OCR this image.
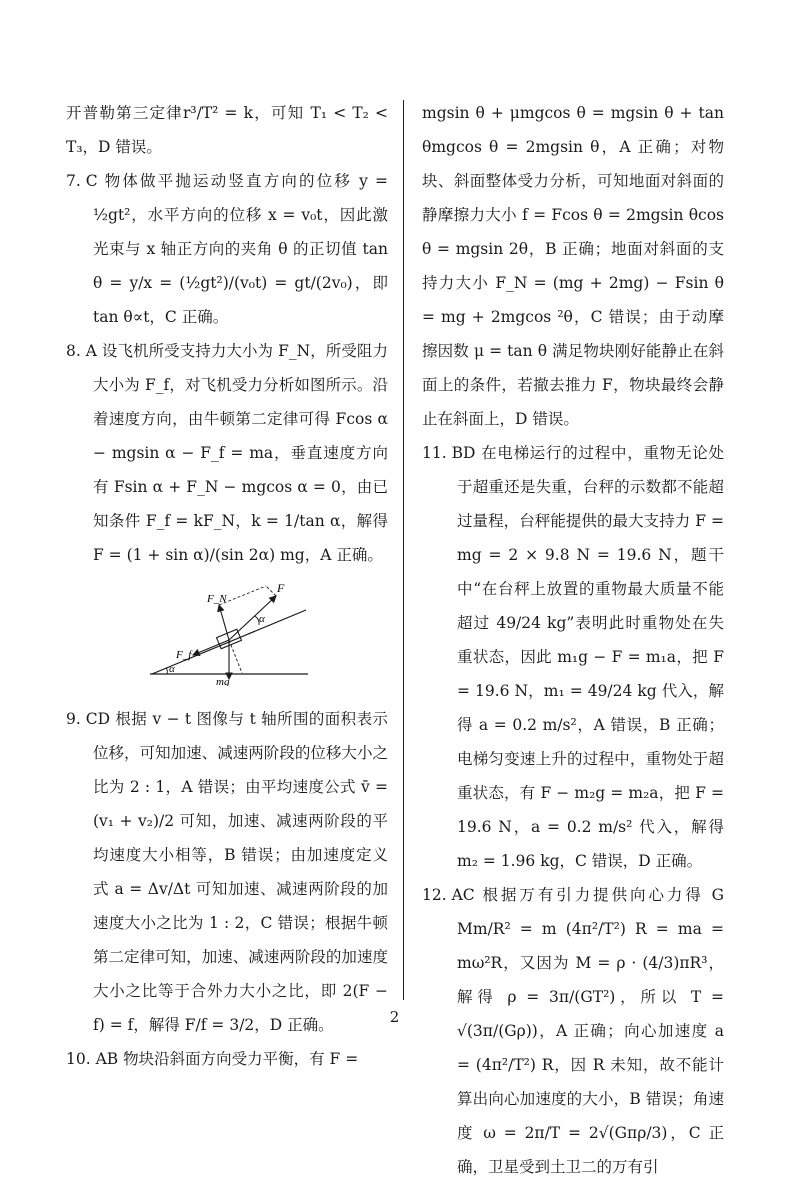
开普勒第三定律r³/T² = k，可知 T₁ < T₂ < T₃，D 错误。

7. C 物体做平抛运动竖直方向的位移 y = ½gt²，水平方向的位移 x = v₀t，因此激光束与 x 轴正方向的夹角 θ 的正切值 tan θ = y/x = (½gt²)/(v₀t) = gt/(2v₀)，即 tan θ∝t，C 正确。

8. A 设飞机所受支持力大小为 F_N，所受阻力大小为 F_f，对飞机受力分析如图所示。沿着速度方向，由牛顿第二定律可得 Fcos α − mgsin α − F_f = ma，垂直速度方向有 Fsin α + F_N − mgcos α = 0，由已知条件 F_f = kF_N，k = 1/tan α，解得 F = (1 + sin α)/(sin 2α) mg，A 正确。

F
F_N
F_f
α
α
mg

9. CD 根据 v − t 图像与 t 轴所围的面积表示位移，可知加速、减速两阶段的位移大小之比为 2 : 1，A 错误；由平均速度公式 v̄ = (v₁ + v₂)/2 可知，加速、减速两阶段的平均速度大小相等，B 错误；由加速度定义式 a = Δv/Δt 可知加速、减速两阶段的加速度大小之比为 1 : 2，C 错误；根据牛顿第二定律可知，加速、减速两阶段的加速度大小之比等于合外力大小之比，即 2(F − f) = f，解得 F/f = 3/2，D 正确。

10. AB 物块沿斜面方向受力平衡，有 F =

mgsin θ + μmgcos θ = mgsin θ + tan θmgcos θ = 2mgsin θ，A 正确；对物块、斜面整体受力分析，可知地面对斜面的静摩擦力大小 f = Fcos θ = 2mgsin θcos θ = mgsin 2θ，B 正确；地面对斜面的支持力大小 F_N = (mg + 2mg) − Fsin θ = mg + 2mgcos ²θ，C 错误；由于动摩擦因数 μ = tan θ 满足物块刚好能静止在斜面上的条件，若撤去推力 F，物块最终会静止在斜面上，D 错误。

11. BD 在电梯运行的过程中，重物无论处于超重还是失重，台秤的示数都不能超过量程，台秤能提供的最大支持力 F = mg = 2 × 9.8 N = 19.6 N，题干中“在台秤上放置的重物最大质量不能超过 49/24 kg”表明此时重物处在失重状态，因此 m₁g − F = m₁a，把 F = 19.6 N，m₁ = 49/24 kg 代入，解得 a = 0.2 m/s²，A 错误，B 正确；电梯匀变速上升的过程中，重物处于超重状态，有 F − m₂g = m₂a，把 F = 19.6 N，a = 0.2 m/s² 代入，解得 m₂ = 1.96 kg，C 错误，D 正确。

12. AC 根据万有引力提供向心力得 G Mm/R² = m (4π²/T²) R = ma = mω²R，又因为 M = ρ · (4/3)πR³，解得 ρ = 3π/(GT²)，所以 T = √(3π/(Gρ))，A 正确；向心加速度 a = (4π²/T²) R，因 R 未知，故不能计算出向心加速度的大小，B 错误；角速度 ω = 2π/T = 2√(Gπρ/3)，C 正确，卫星受到土卫二的万有引

2
